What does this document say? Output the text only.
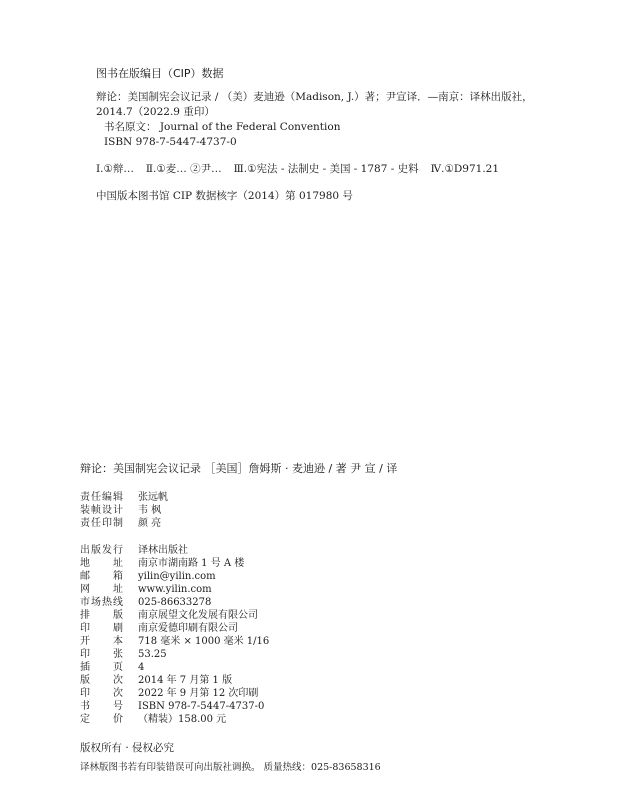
图书在版编目（CIP）数据
辩论：美国制宪会议记录 / （美）麦迪逊（Madison, J.）著；尹宣译．—南京：译林出版社，
2014.7（2022.9 重印）
书名原文： Journal of the Federal Convention
ISBN 978-7-5447-4737-0
Ⅰ.①辩… Ⅱ.①麦… ②尹… Ⅲ.①宪法 - 法制史 - 美国 - 1787 - 史料 Ⅳ.①D971.21
中国版本图书馆 CIP 数据核字（2014）第 017980 号
辩论：美国制宪会议记录 ［美国］詹姆斯 · 麦迪逊 / 著 尹 宣 / 译
责任编辑	张远帆
装帧设计	韦 枫
责任印制	颜 亮
出版发行	译林出版社
地　　址	南京市湖南路 1 号 A 楼
邮　　箱	yilin@yilin.com
网　　址	www.yilin.com
市场热线	025-86633278
排　　版	南京展望文化发展有限公司
印　　刷	南京爱德印刷有限公司
开　　本	718 毫米 × 1000 毫米 1/16
印　　张	53.25
插　　页	4
版　　次	2014 年 7 月第 1 版
印　　次	2022 年 9 月第 12 次印刷
书　　号	ISBN 978-7-5447-4737-0
定　　价	（精装）158.00 元
版权所有 · 侵权必究
译林版图书若有印装错误可向出版社调换。 质量热线：025-83658316
